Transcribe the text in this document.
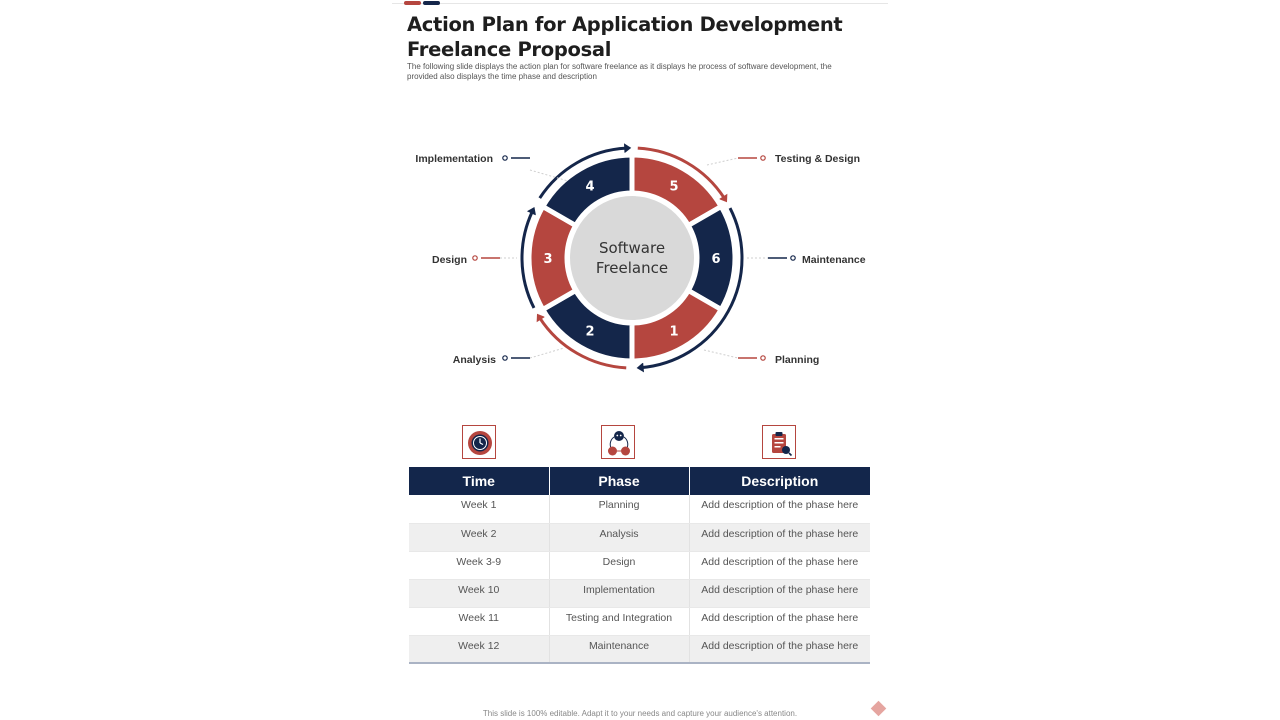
Action Plan for Application Development
Freelance Proposal
The following slide displays the action plan for software freelance as it displays he process of software development, the provided also displays the time phase and description
Software
Freelance
5
6
1
2
3
4
Planning
Analysis
Design
Implementation	Testing & Design
Maintenance
Time	Phase	Description
Week 1	Planning	Add description of the phase here
Week 2	Analysis	Add description of the phase here
Week 3-9	Design	Add description of the phase here
Week 10	Implementation	Add description of the phase here
Week 11	Testing and Integration	Add description of the phase here
Week 12	Maintenance	Add description of the phase here
This slide is 100% editable. Adapt it to your needs and capture your audience's attention.
